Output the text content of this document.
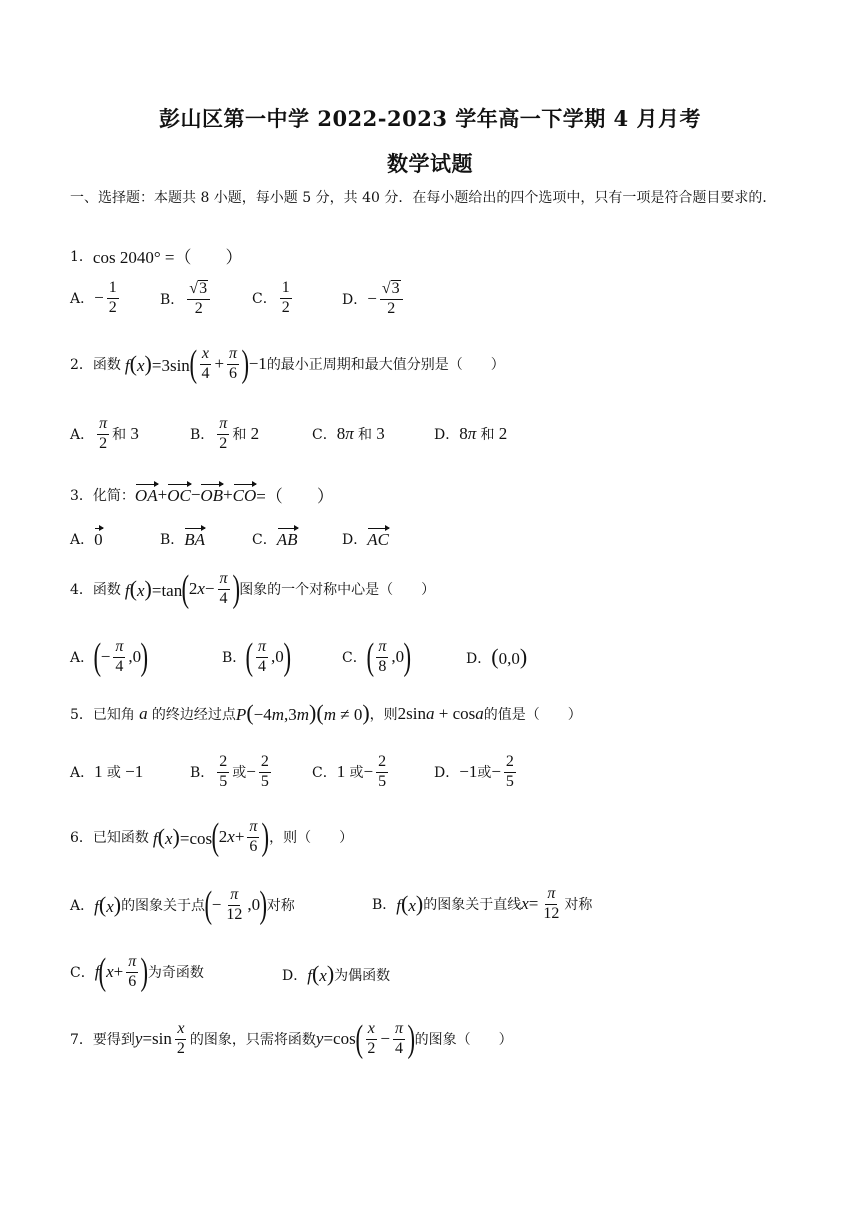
彭山区第一中学 2022-2023 学年高一下学期 4 月月考
数学试题
一、选择题：本题共 8 小题，每小题 5 分，共 40 分．在每小题给出的四个选项中，只有一项是符合题目要求的．
1． cos 2040° =（　　）
A． − $\frac{1}{2}$	B． $\frac{√ 3}{2}$	C． $\frac{1}{2}$	D． − $\frac{√ 3}{2}$
2． 函数 f(x)=3sin ( $\frac{x}{4} + \frac{\pi}{6}$ ) −1 的最小正周期和最大值分别是（　　）
A． $\frac{\pi}{2}$ 和 3	B． $\frac{\pi}{2}$ 和 2	C． 8π 和 3	D． 8π 和 2
3． 化简： OA + OC − OB + CO =（　　）
A． 0	B． BA	C． AB	D． AC
4． 函数 f(x)=tan ( $2x- \frac{\pi}{4}$ ) 图象的一个对称中心是（　　）
A． ( − $\frac{\pi}{4} ,0$ )	B． ( $\frac{\pi}{4} ,0$ )	C． ( $\frac{\pi}{8} ,0$ )	D． (0,0)
5． 已知角 a 的终边经过点 P(−4m,3m)(m ≠ 0) ，则 2sina + cosa 的值是（　　）
A． 1 或 −1	B． $\frac{2}{5}$ 或 − $\frac{2}{5}$	C． 1 或 − $\frac{2}{5}$	D． −1 或 − $\frac{2}{5}$
6． 已知函数 f(x)=cos ( $2x+ \frac{\pi}{6}$ ) ，则（　　）
A． f(x) 的图象关于点 ( − $\frac{\pi}{12} ,0$ ) 对称	B． f(x) 的图象关于直线 $x = \frac{\pi}{12}$ 对称
C． f ( $x + \frac{\pi}{6}$ ) 为奇函数	D． f(x) 为偶函数
7． 要得到 $y=\sin \frac{x}{2}$ 的图象，只需将函数 y=cos ( $\frac{x}{2} - \frac{\pi}{4}$ ) 的图象（　　）
